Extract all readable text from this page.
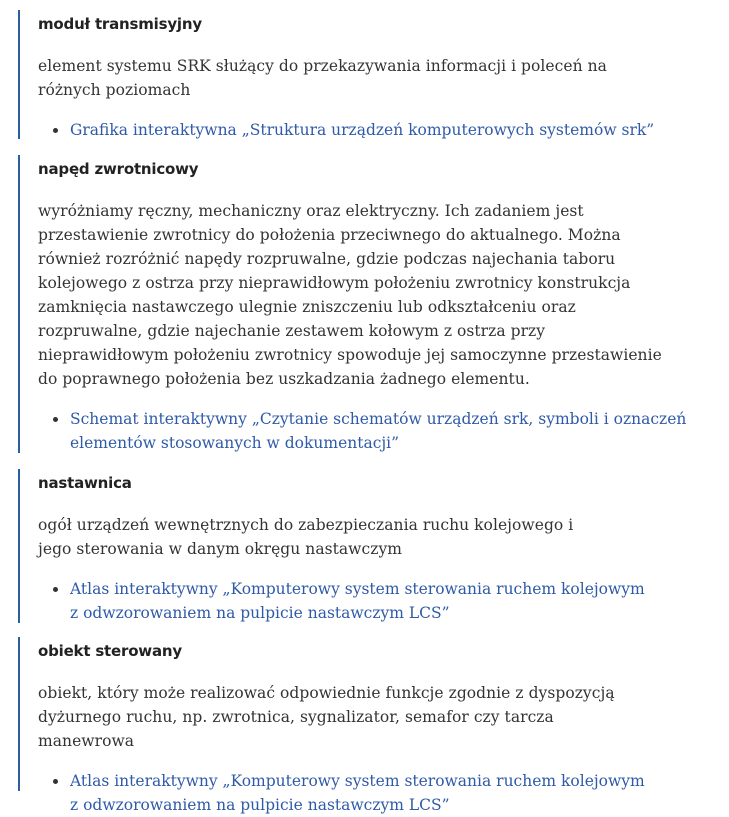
moduł transmisyjny

element systemu SRK służący do przekazywania informacji i poleceń na różnych poziomach

Grafika interaktywna „Struktura urządzeń komputerowych systemów srk”

napęd zwrotnicowy

wyróżniamy ręczny, mechaniczny oraz elektryczny. Ich zadaniem jest przestawienie zwrotnicy do położenia przeciwnego do aktualnego. Można również rozróżnić napędy rozpruwalne, gdzie podczas najechania taboru kolejowego z ostrza przy nieprawidłowym położeniu zwrotnicy konstrukcja zamknięcia nastawczego ulegnie zniszczeniu lub odkształceniu oraz rozpruwalne, gdzie najechanie zestawem kołowym z ostrza przy nieprawidłowym położeniu zwrotnicy spowoduje jej samoczynne przestawienie do poprawnego położenia bez uszkadzania żadnego elementu.

Schemat interaktywny „Czytanie schematów urządzeń srk, symboli i oznaczeń
elementów stosowanych w dokumentacji”

nastawnica

ogół urządzeń wewnętrznych do zabezpieczania ruchu kolejowego i jego sterowania w danym okręgu nastawczym

Atlas interaktywny „Komputerowy system sterowania ruchem kolejowym
z odwzorowaniem na pulpicie nastawczym LCS”

obiekt sterowany

obiekt, który może realizować odpowiednie funkcje zgodnie z dyspozycją dyżurnego ruchu, np. zwrotnica, sygnalizator, semafor czy tarcza manewrowa

Atlas interaktywny „Komputerowy system sterowania ruchem kolejowym
z odwzorowaniem na pulpicie nastawczym LCS”
